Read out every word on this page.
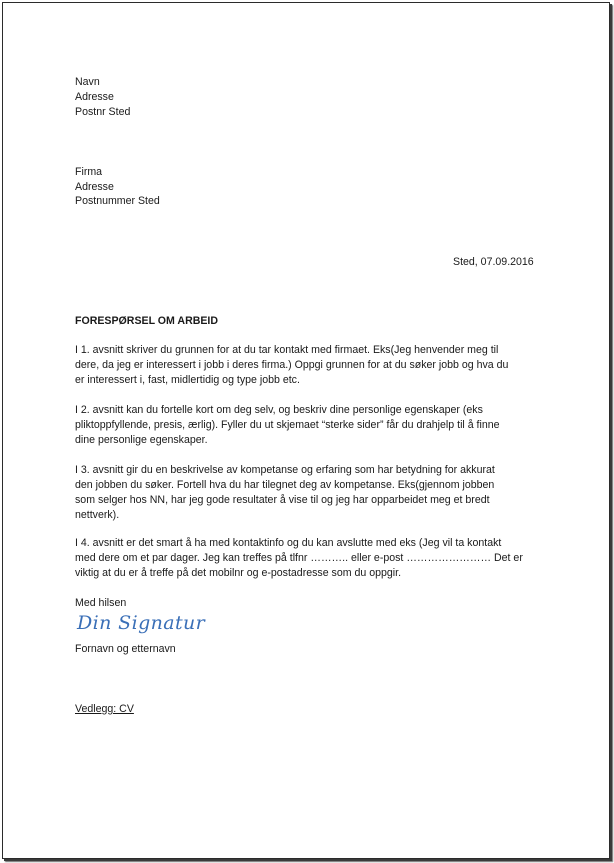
Navn
Adresse
Postnr Sted
Firma
Adresse
Postnummer Sted
Sted, 07.09.2016
FORESPØRSEL OM ARBEID
I 1. avsnitt skriver du grunnen for at du tar kontakt med firmaet. Eks(Jeg henvender meg til
dere, da jeg er interessert i jobb i deres firma.) Oppgi grunnen for at du søker jobb og hva du
er interessert i, fast, midlertidig og type jobb etc.
I 2. avsnitt kan du fortelle kort om deg selv, og beskriv dine personlige egenskaper (eks
pliktoppfyllende, presis, ærlig). Fyller du ut skjemaet “sterke sider” får du drahjelp til å finne
dine personlige egenskaper.
I 3. avsnitt gir du en beskrivelse av kompetanse og erfaring som har betydning for akkurat
den jobben du søker. Fortell hva du har tilegnet deg av kompetanse. Eks(gjennom jobben
som selger hos NN, har jeg gode resultater å vise til og jeg har opparbeidet meg et bredt
nettverk).
I 4. avsnitt er det smart å ha med kontaktinfo og du kan avslutte med eks (Jeg vil ta kontakt
med dere om et par dager. Jeg kan treffes på tlfnr ……….. eller e-post …………………… Det er
viktig at du er å treffe på det mobilnr og e-postadresse som du oppgir.
Med hilsen
Din Signatur
Fornavn og etternavn
Vedlegg: CV
